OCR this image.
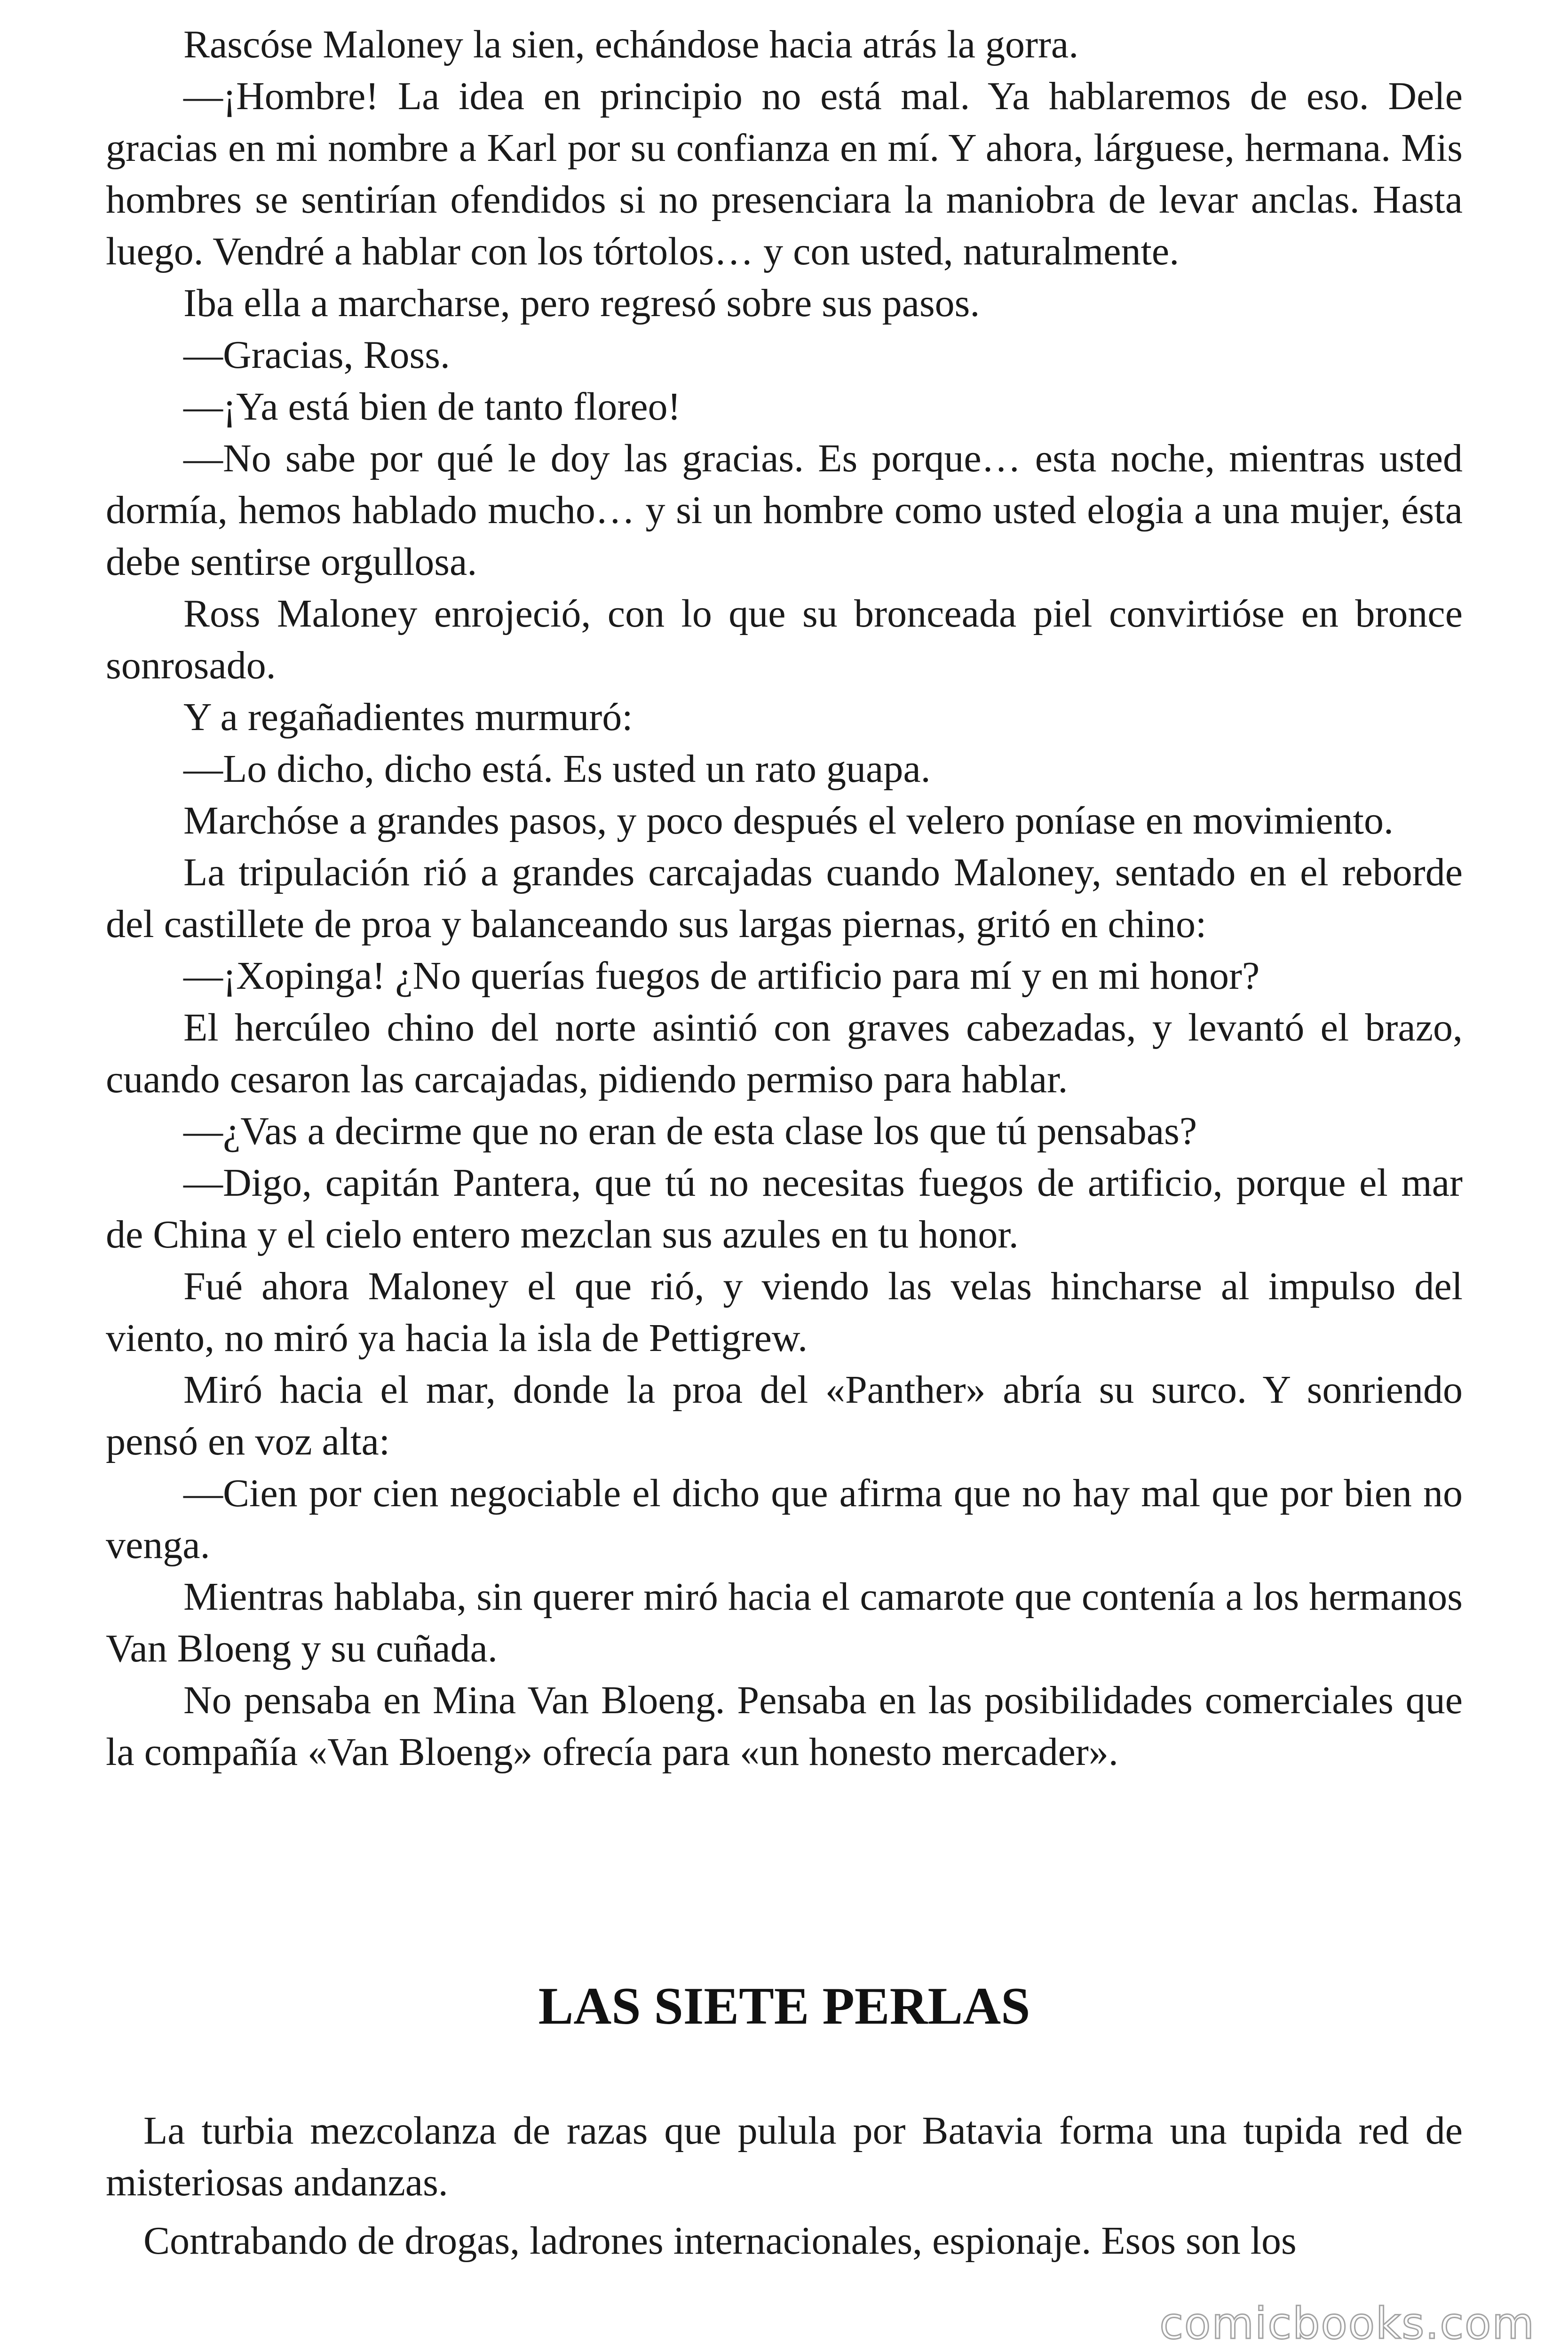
Rascóse Maloney la sien, echándose hacia atrás la gorra.

—¡Hombre! La idea en principio no está mal. Ya hablaremos de eso. Dele gracias en mi nombre a Karl por su confianza en mí. Y ahora, lárguese, hermana. Mis hombres se sentirían ofendidos si no presenciara la maniobra de levar anclas. Hasta luego. Vendré a hablar con los tórtolos… y con usted, naturalmente.

Iba ella a marcharse, pero regresó sobre sus pasos.

—Gracias, Ross.

—¡Ya está bien de tanto floreo!

—No sabe por qué le doy las gracias. Es porque… esta noche, mientras usted dormía, hemos hablado mucho… y si un hombre como usted elogia a una mujer, ésta debe sentirse orgullosa.

Ross Maloney enrojeció, con lo que su bronceada piel convirtióse en bronce sonrosado.

Y a regañadientes murmuró:

—Lo dicho, dicho está. Es usted un rato guapa.

Marchóse a grandes pasos, y poco después el velero poníase en movimiento.

La tripulación rió a grandes carcajadas cuando Maloney, sentado en el reborde del castillete de proa y balanceando sus largas piernas, gritó en chino:

—¡Xopinga! ¿No querías fuegos de artificio para mí y en mi honor?

El hercúleo chino del norte asintió con graves cabezadas, y levantó el brazo, cuando cesaron las carcajadas, pidiendo permiso para hablar.

—¿Vas a decirme que no eran de esta clase los que tú pensabas?

—Digo, capitán Pantera, que tú no necesitas fuegos de artificio, porque el mar de China y el cielo entero mezclan sus azules en tu honor.

Fué ahora Maloney el que rió, y viendo las velas hincharse al impulso del viento, no miró ya hacia la isla de Pettigrew.

Miró hacia el mar, donde la proa del «Panther» abría su surco. Y sonriendo pensó en voz alta:

—Cien por cien negociable el dicho que afirma que no hay mal que por bien no venga.

Mientras hablaba, sin querer miró hacia el camarote que contenía a los hermanos Van Bloeng y su cuñada.

No pensaba en Mina Van Bloeng. Pensaba en las posibilidades comerciales que la compañía «Van Bloeng» ofrecía para «un honesto mercader».

LAS SIETE PERLAS

La turbia mezcolanza de razas que pulula por Batavia forma una tupida red de misteriosas andanzas.

Contrabando de drogas, ladrones internacionales, espionaje. Esos son los

comicbooks.com
